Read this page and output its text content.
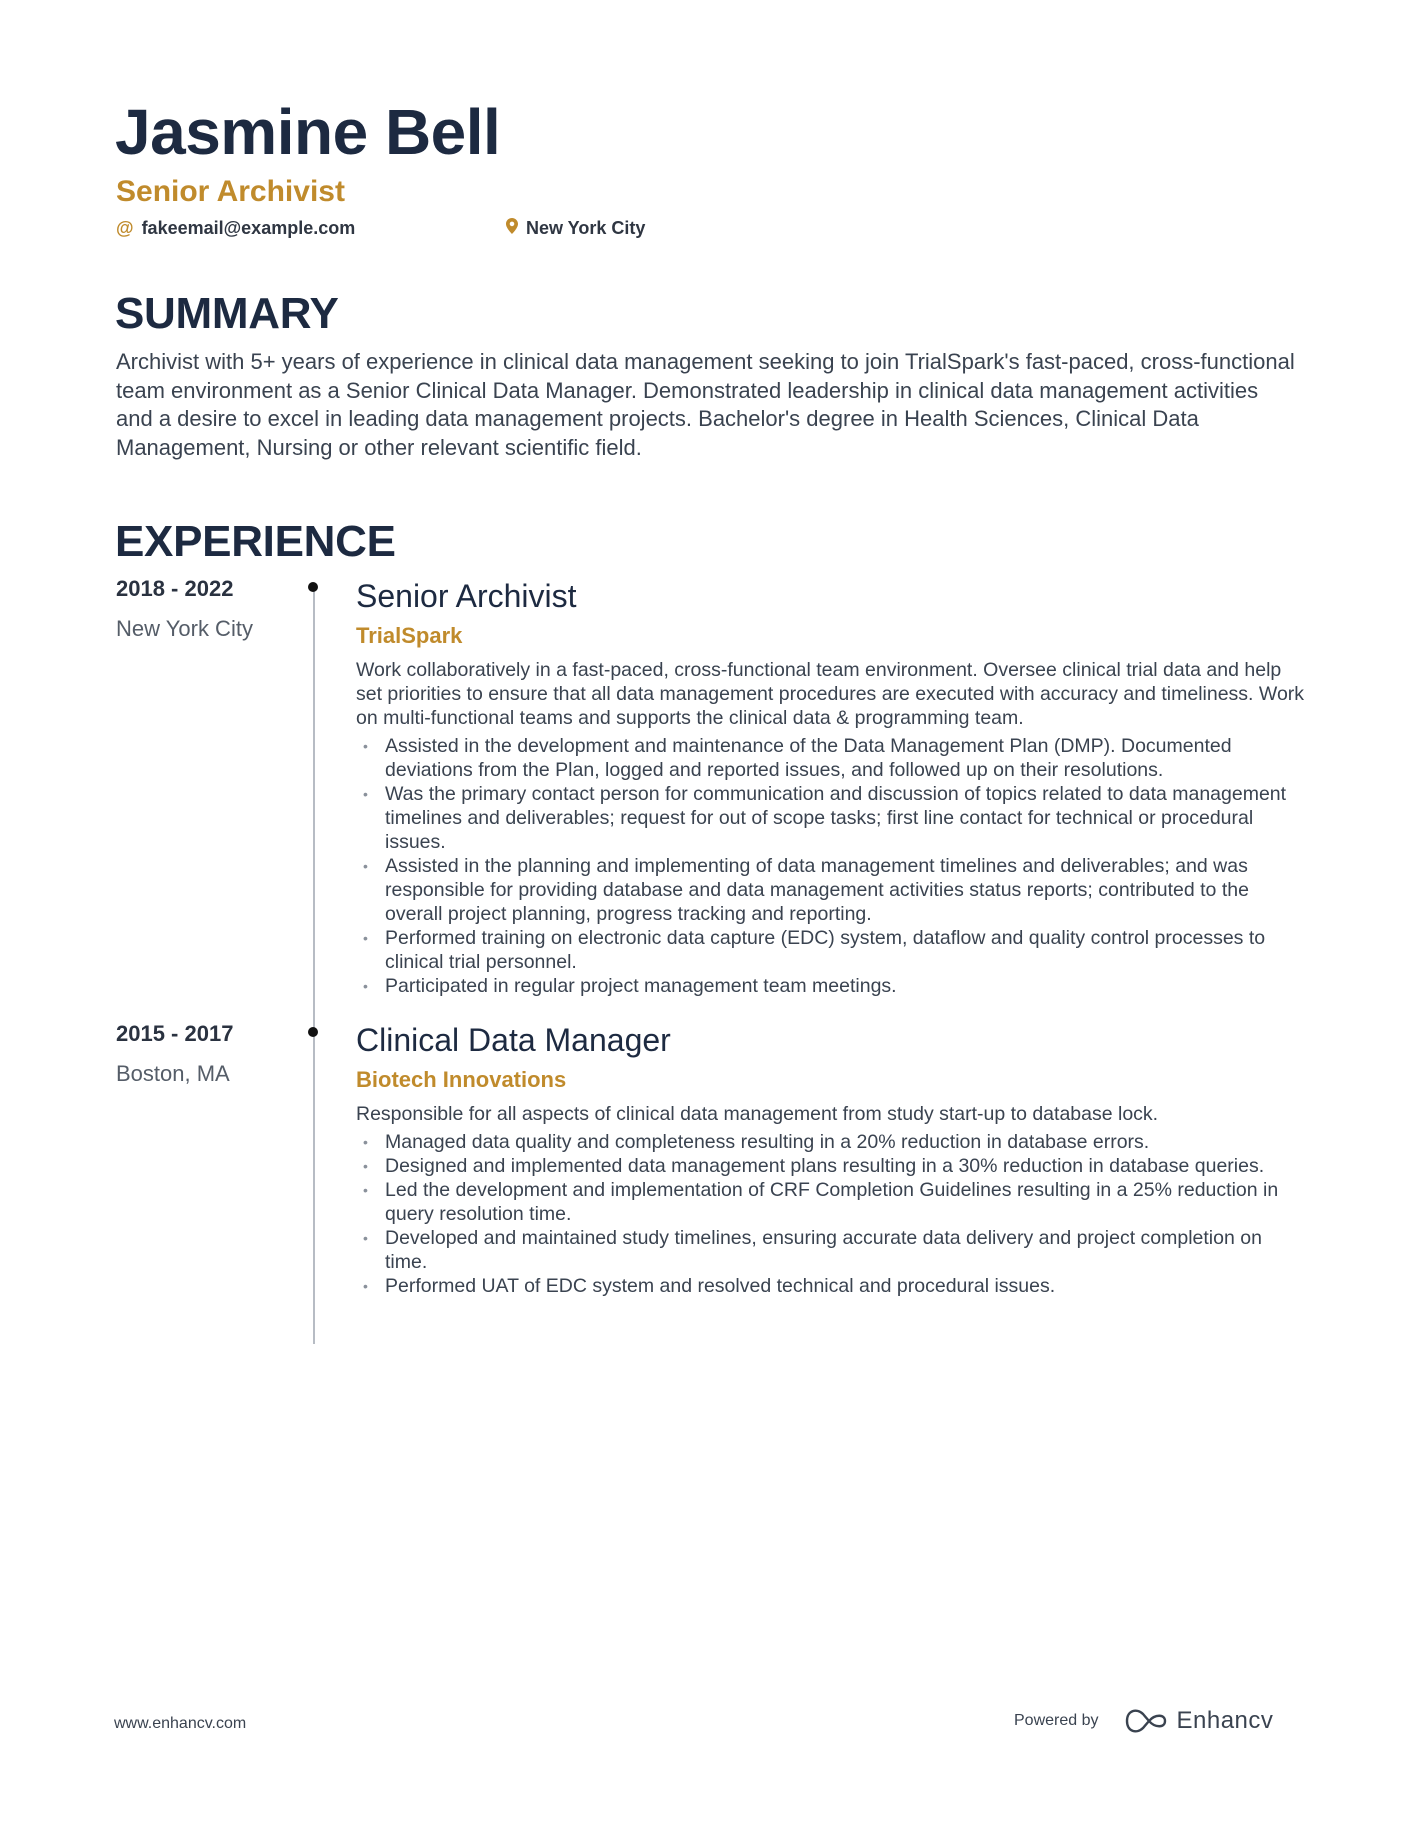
Jasmine Bell
Senior Archivist
@ fakeemail@example.com	New York City
SUMMARY

Archivist with 5+ years of experience in clinical data management seeking to join TrialSpark's fast-paced, cross-functional team environment as a Senior Clinical Data Manager. Demonstrated leadership in clinical data management activities and a desire to excel in leading data management projects. Bachelor's degree in Health Sciences, Clinical Data Management, Nursing or other relevant scientific field.

EXPERIENCE
2018 - 2022
New York City
Senior Archivist
TrialSpark
Work collaboratively in a fast-paced, cross-functional team environment. Oversee clinical trial data and help set priorities to ensure that all data management procedures are executed with accuracy and timeliness. Work on multi-functional teams and supports the clinical data & programming team.
• Assisted in the development and maintenance of the Data Management Plan (DMP). Documented deviations from the Plan, logged and reported issues, and followed up on their resolutions.
• Was the primary contact person for communication and discussion of topics related to data management timelines and deliverables; request for out of scope tasks; first line contact for technical or procedural issues.
• Assisted in the planning and implementing of data management timelines and deliverables; and was responsible for providing database and data management activities status reports; contributed to the overall project planning, progress tracking and reporting.
• Performed training on electronic data capture (EDC) system, dataflow and quality control processes to clinical trial personnel.
• Participated in regular project management team meetings.
2015 - 2017
Boston, MA
Clinical Data Manager
Biotech Innovations
Responsible for all aspects of clinical data management from study start-up to database lock.
• Managed data quality and completeness resulting in a 20% reduction in database errors.
• Designed and implemented data management plans resulting in a 30% reduction in database queries.
• Led the development and implementation of CRF Completion Guidelines resulting in a 25% reduction in query resolution time.
• Developed and maintained study timelines, ensuring accurate data delivery and project completion on time.
• Performed UAT of EDC system and resolved technical and procedural issues.
www.enhancv.com	Powered by	Enhancv
